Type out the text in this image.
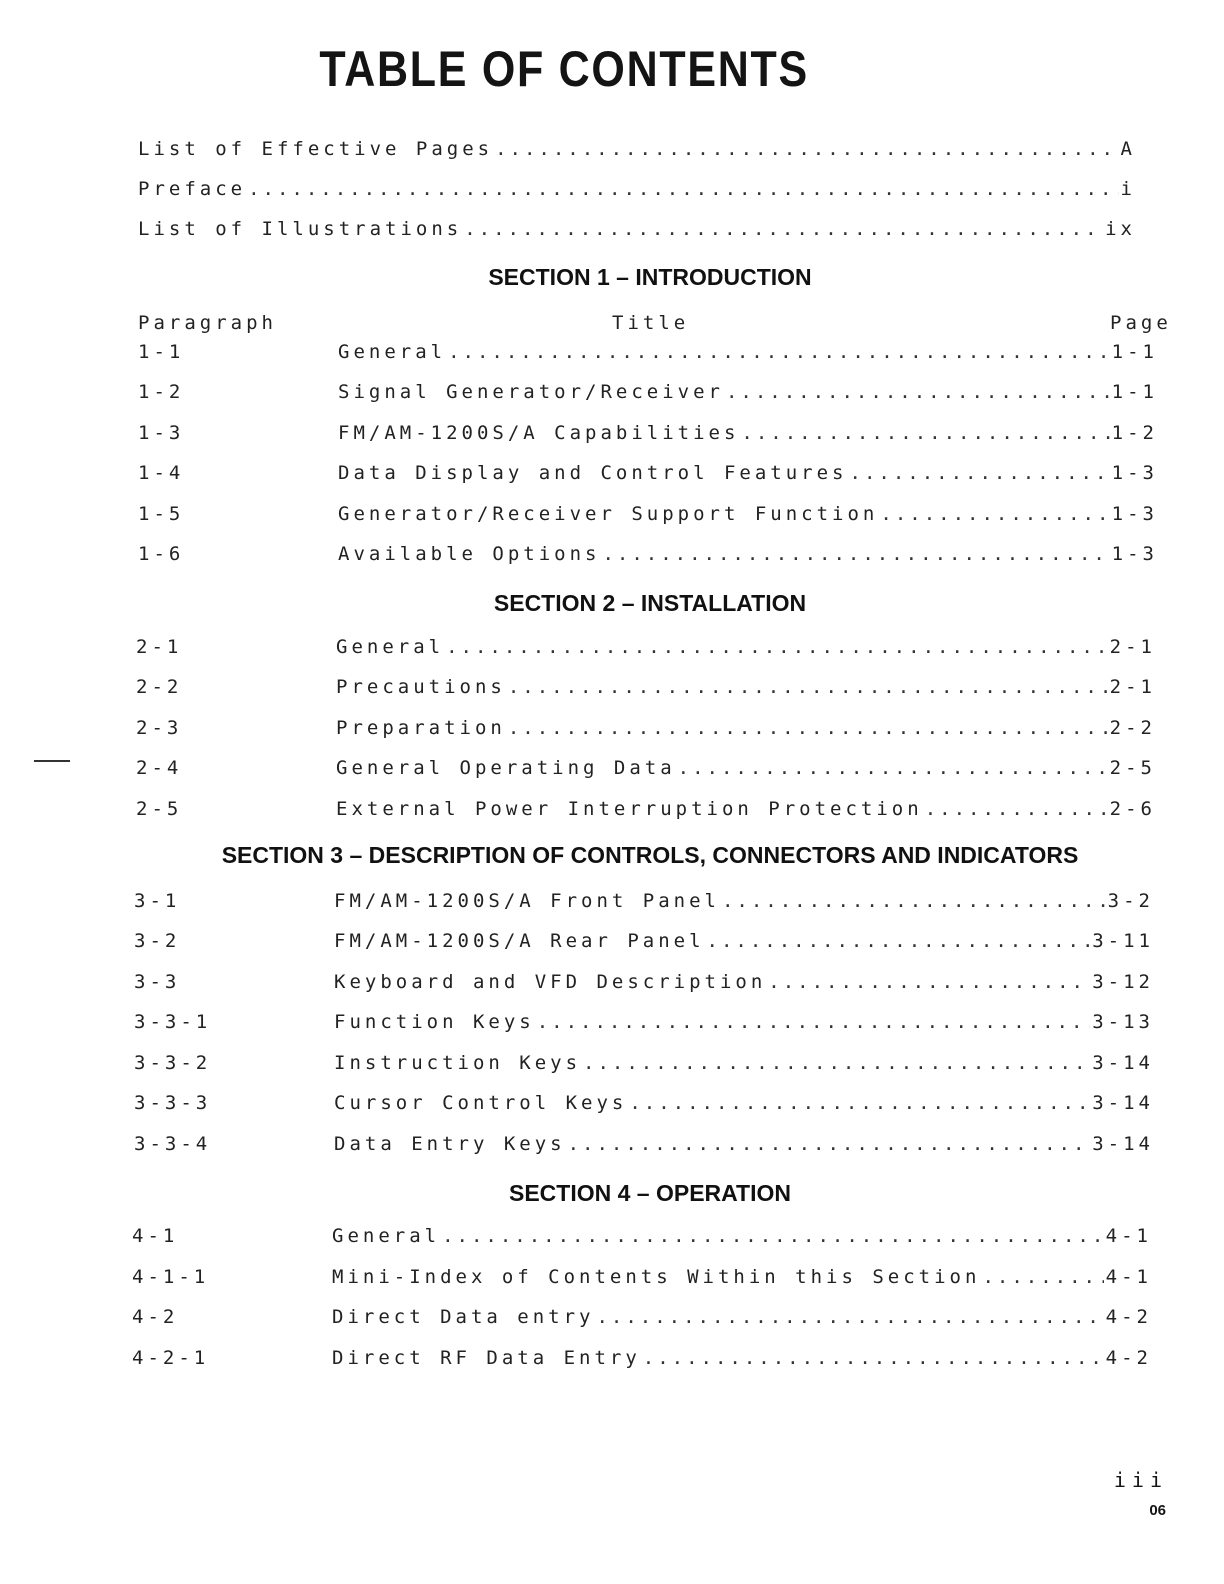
TABLE OF CONTENTS
List of Effective Pages .....	A
Preface .....	i
List of Illustrations .....	ix
SECTION 1 – INTRODUCTION
Paragraph	Title	Page
1-1	General .....	1-1
1-2	Signal Generator/Receiver .....	1-1
1-3	FM/AM-1200S/A Capabilities .....	1-2
1-4	Data Display and Control Features .....	1-3
1-5	Generator/Receiver Support Function .....	1-3
1-6	Available Options .....	1-3
SECTION 2 – INSTALLATION
2-1	General .....	2-1
2-2	Precautions .....	2-1
2-3	Preparation .....	2-2
2-4	General Operating Data .....	2-5
2-5	External Power Interruption Protection .....	2-6
SECTION 3 – DESCRIPTION OF CONTROLS, CONNECTORS AND INDICATORS
3-1	FM/AM-1200S/A Front Panel .....	3-2
3-2	FM/AM-1200S/A Rear Panel .....	3-11
3-3	Keyboard and VFD Description .....	3-12
3-3-1	Function Keys .....	3-13
3-3-2	Instruction Keys .....	3-14
3-3-3	Cursor Control Keys .....	3-14
3-3-4	Data Entry Keys .....	3-14
SECTION 4 – OPERATION
4-1	General .....	4-1
4-1-1	Mini-Index of Contents Within this Section .....	4-1
4-2	Direct Data entry .....	4-2
4-2-1	Direct RF Data Entry .....	4-2
iii
06
